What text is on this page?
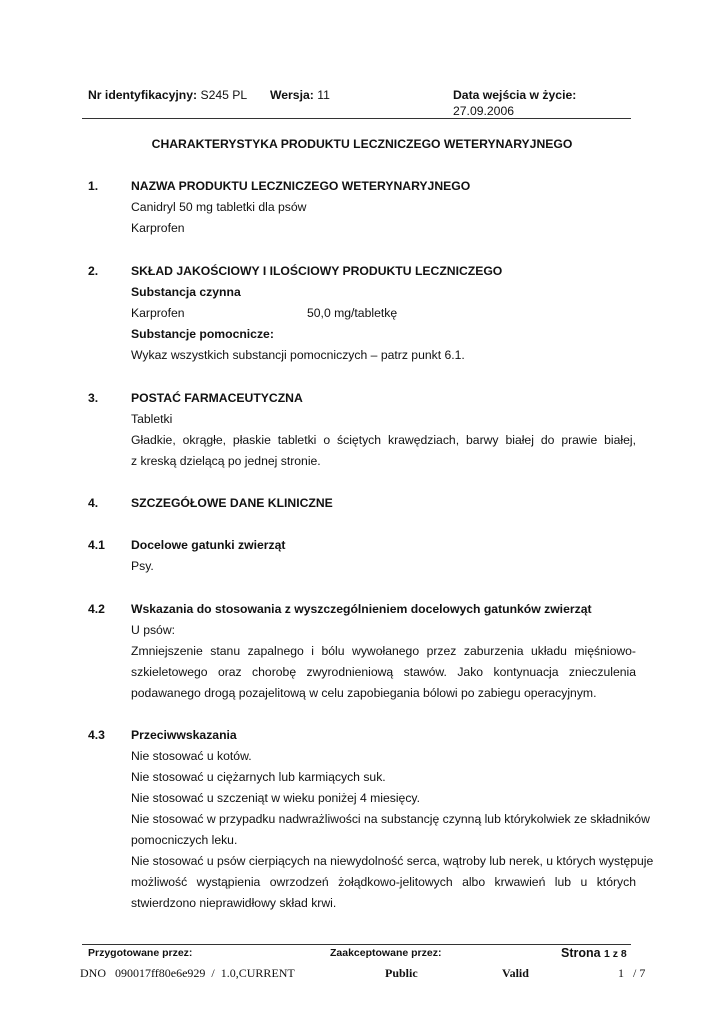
Nr identyfikacyjny: S245 PL Wersja: 11	Data wejścia w życie:
27.09.2006
CHARAKTERYSTYKA PRODUKTU LECZNICZEGO WETERYNARYJNEGO
1.	NAZWA PRODUKTU LECZNICZEGO WETERYNARYJNEGO
Canidryl 50 mg tabletki dla psów
Karprofen
2.	SKŁAD JAKOŚCIOWY I ILOŚCIOWY PRODUKTU LECZNICZEGO
Substancja czynna
Karprofen	50,0 mg/tabletkę
Substancje pomocnicze:
Wykaz wszystkich substancji pomocniczych – patrz punkt 6.1.
3.	POSTAĆ FARMACEUTYCZNA
Tabletki
Gładkie, okrągłe, płaskie tabletki o ściętych krawędziach, barwy białej do prawie białej,
z kreską dzielącą po jednej stronie.
4.	SZCZEGÓŁOWE DANE KLINICZNE
4.1 Docelowe gatunki zwierząt
Psy.
4.2 Wskazania do stosowania z wyszczególnieniem docelowych gatunków zwierząt
U psów:
Zmniejszenie stanu zapalnego i bólu wywołanego przez zaburzenia układu mięśniowo-
szkieletowego oraz chorobę zwyrodnieniową stawów. Jako kontynuacja znieczulenia
podawanego drogą pozajelitową w celu zapobiegania bólowi po zabiegu operacyjnym.
4.3 Przeciwwskazania
Nie stosować u kotów.
Nie stosować u ciężarnych lub karmiących suk.
Nie stosować u szczeniąt w wieku poniżej 4 miesięcy.
Nie stosować w przypadku nadwrażliwości na substancję czynną lub którykolwiek ze składników
pomocniczych leku.
Nie stosować u psów cierpiących na niewydolność serca, wątroby lub nerek, u których występuje
możliwość wystąpienia owrzodzeń żołądkowo-jelitowych albo krwawień lub u których
stwierdzono nieprawidłowy skład krwi.
Przygotowane przez:	Zaakceptowane przez:	Strona 1 z 8
DNO   090017ff80e6e929  /  1.0,CURRENT	Public	Valid	1   / 7
